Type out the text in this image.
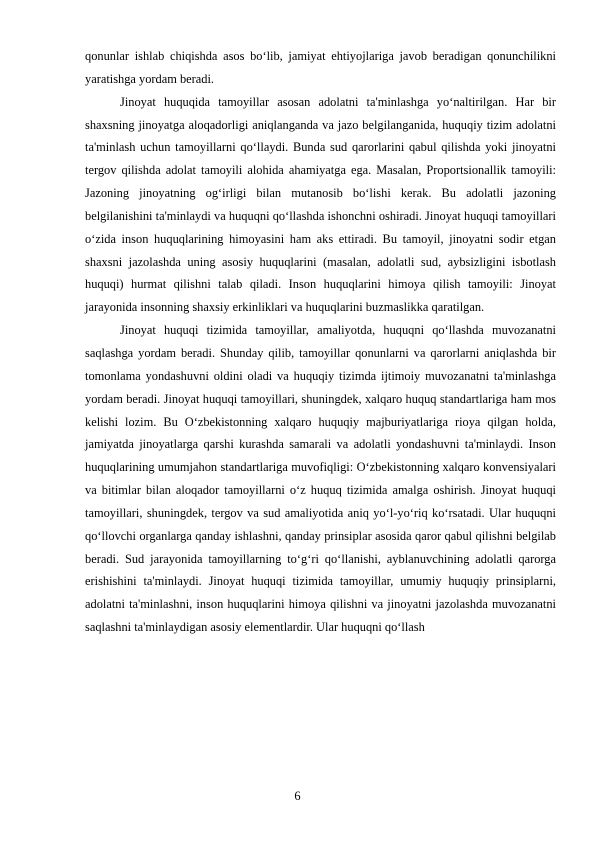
qonunlar ishlab chiqishda asos bo‘lib, jamiyat ehtiyojlariga javob beradigan qonunchilikni yaratishga yordam beradi.

Jinoyat huquqida tamoyillar asosan adolatni ta'minlashga yo‘naltirilgan. Har bir shaxsning jinoyatga aloqadorligi aniqlanganda va jazo belgilanganida, huquqiy tizim adolatni ta'minlash uchun tamoyillarni qo‘llaydi. Bunda sud qarorlarini qabul qilishda yoki jinoyatni tergov qilishda adolat tamoyili alohida ahamiyatga ega. Masalan, Proportsionallik tamoyili: Jazoning jinoyatning og‘irligi bilan mutanosib bo‘lishi kerak. Bu adolatli jazoning belgilanishini ta'minlaydi va huquqni qo‘llashda ishonchni oshiradi. Jinoyat huquqi tamoyillari o‘zida inson huquqlarining himoyasini ham aks ettiradi. Bu tamoyil, jinoyatni sodir etgan shaxsni jazolashda uning asosiy huquqlarini (masalan, adolatli sud, aybsizligini isbotlash huquqi) hurmat qilishni talab qiladi. Inson huquqlarini himoya qilish tamoyili: Jinoyat jarayonida insonning shaxsiy erkinliklari va huquqlarini buzmaslikka qaratilgan.

Jinoyat huquqi tizimida tamoyillar, amaliyotda, huquqni qo‘llashda muvozanatni saqlashga yordam beradi. Shunday qilib, tamoyillar qonunlarni va qarorlarni aniqlashda bir tomonlama yondashuvni oldini oladi va huquqiy tizimda ijtimoiy muvozanatni ta'minlashga yordam beradi. Jinoyat huquqi tamoyillari, shuningdek, xalqaro huquq standartlariga ham mos kelishi lozim. Bu O‘zbekistonning xalqaro huquqiy majburiyatlariga rioya qilgan holda, jamiyatda jinoyatlarga qarshi kurashda samarali va adolatli yondashuvni ta'minlaydi. Inson huquqlarining umumjahon standartlariga muvofiqligi: O‘zbekistonning xalqaro konvensiyalari va bitimlar bilan aloqador tamoyillarni o‘z huquq tizimida amalga oshirish. Jinoyat huquqi tamoyillari, shuningdek, tergov va sud amaliyotida aniq yo‘l-yo‘riq ko‘rsatadi. Ular huquqni qo‘llovchi organlarga qanday ishlashni, qanday prinsiplar asosida qaror qabul qilishni belgilab beradi. Sud jarayonida tamoyillarning to‘g‘ri qo‘llanishi, ayblanuvchining adolatli qarorga erishishini ta'minlaydi. Jinoyat huquqi tizimida tamoyillar, umumiy huquqiy prinsiplarni, adolatni ta'minlashni, inson huquqlarini himoya qilishni va jinoyatni jazolashda muvozanatni saqlashni ta'minlaydigan asosiy elementlardir. Ular huquqni qo‘llash

6
